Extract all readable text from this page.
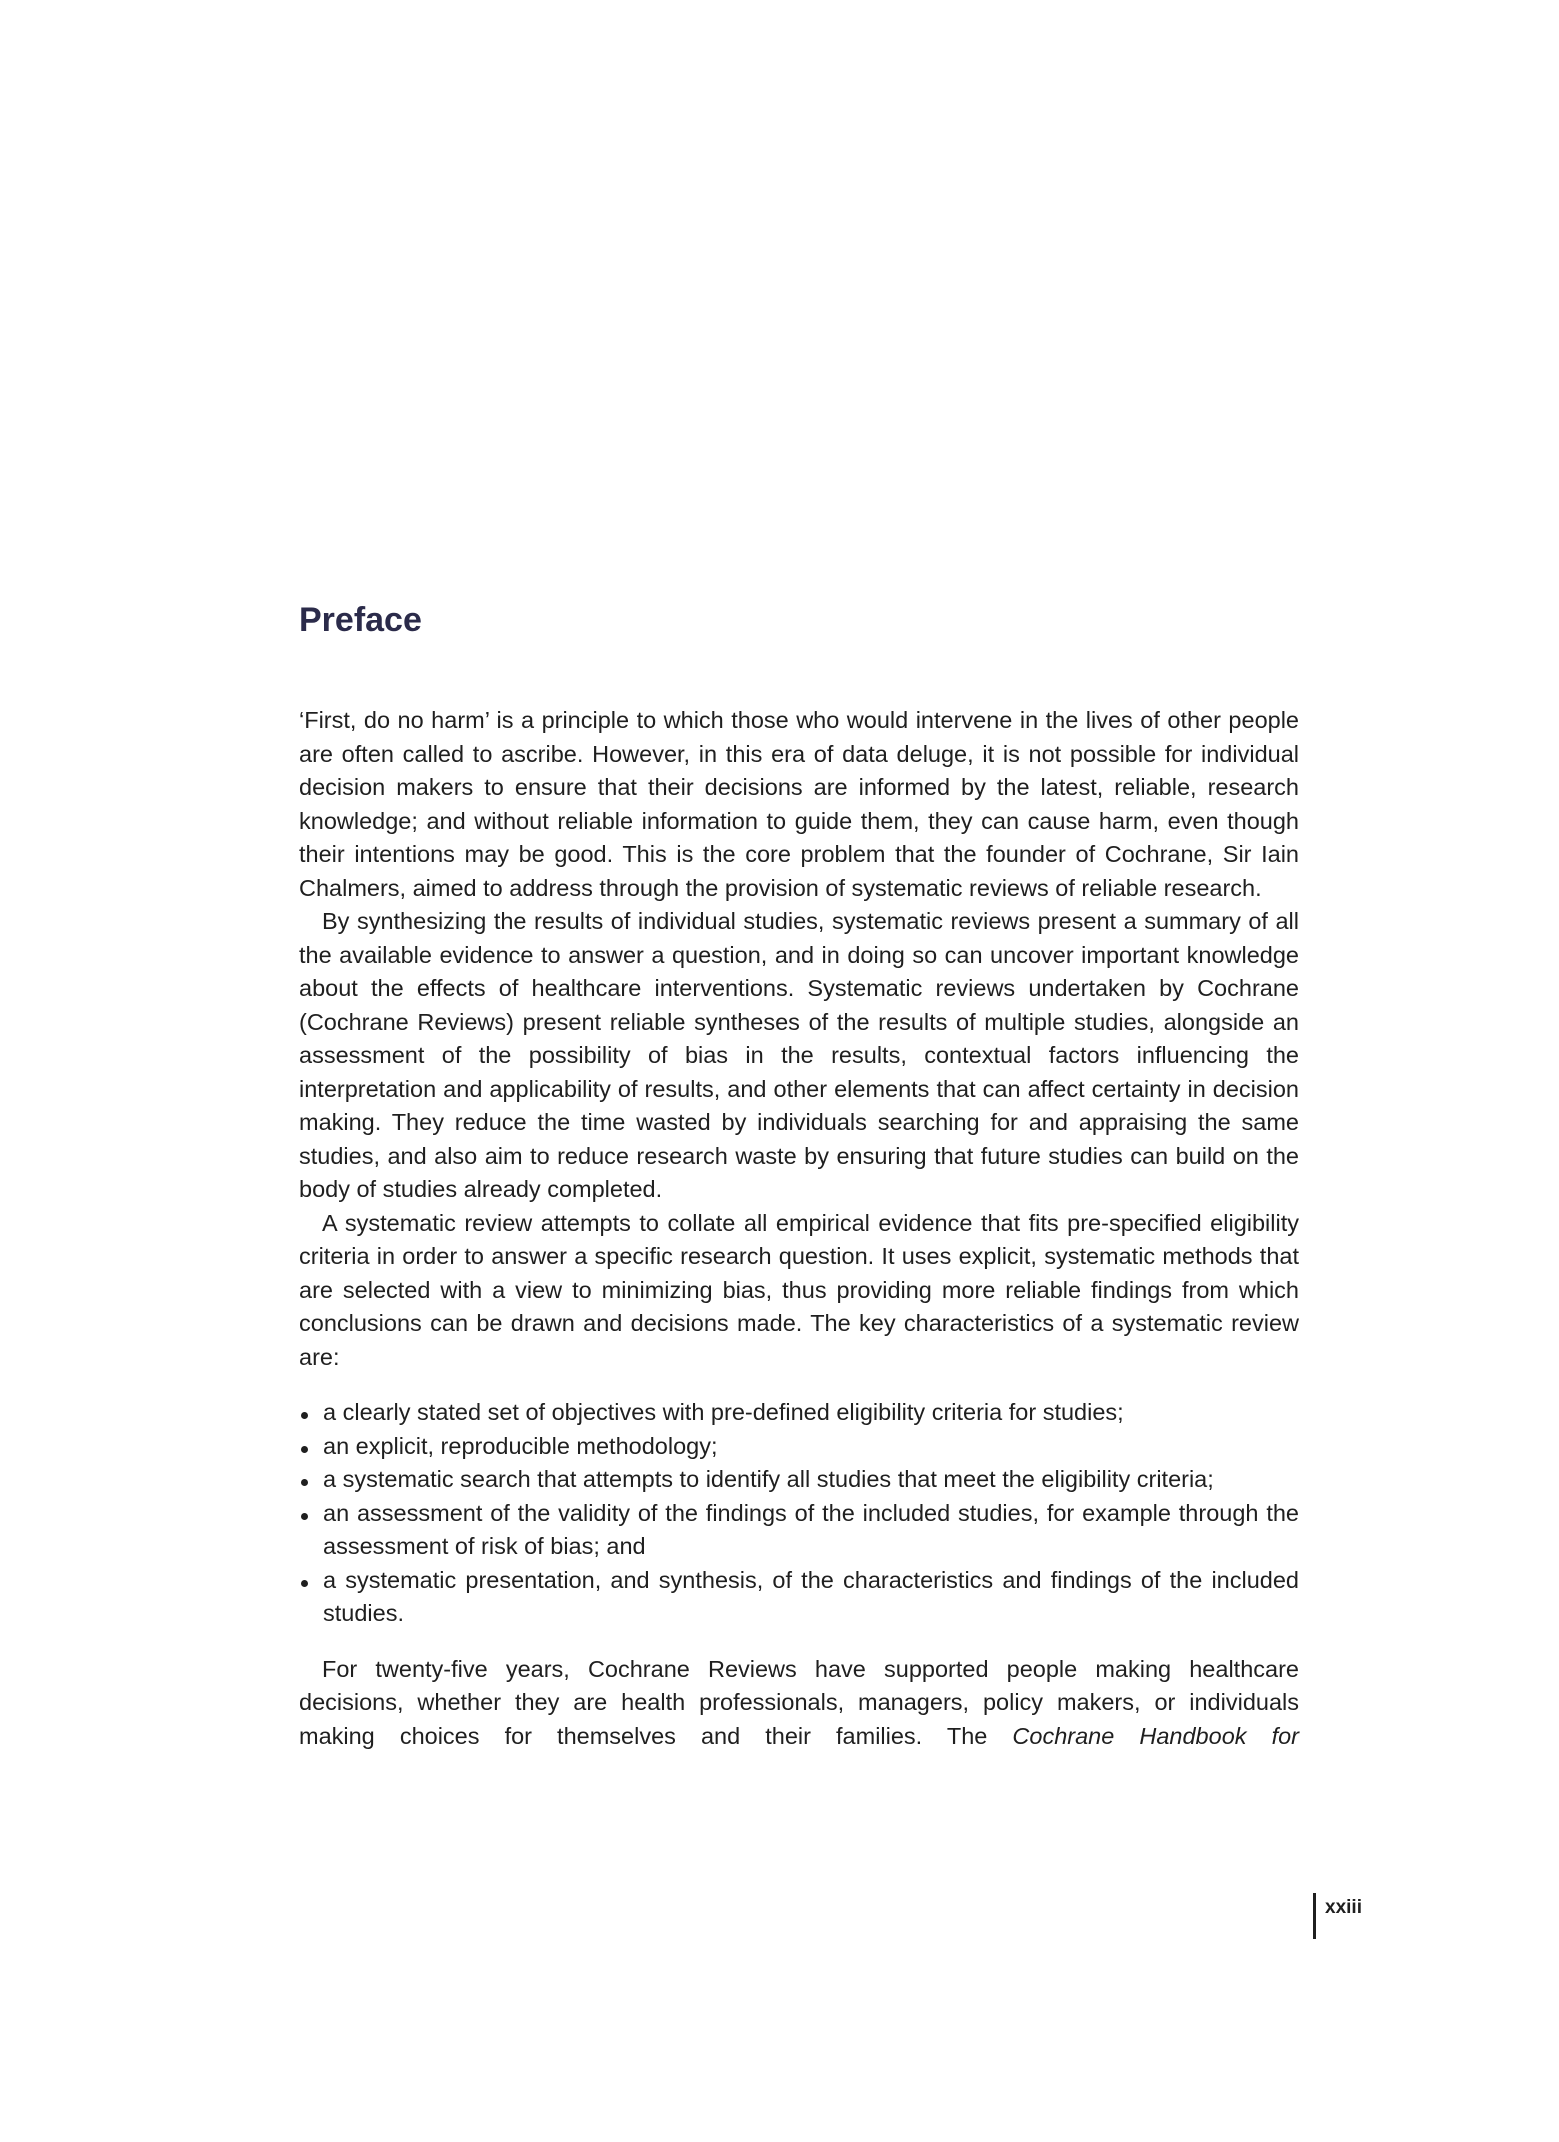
Preface

‘First, do no harm’ is a principle to which those who would intervene in the lives of other people are often called to ascribe. However, in this era of data deluge, it is not possible for individual decision makers to ensure that their decisions are informed by the latest, reliable, research knowledge; and without reliable information to guide them, they can cause harm, even though their intentions may be good. This is the core problem that the founder of Cochrane, Sir Iain Chalmers, aimed to address through the provision of systematic reviews of reliable research.

By synthesizing the results of individual studies, systematic reviews present a summary of all the available evidence to answer a question, and in doing so can uncover important knowledge about the effects of healthcare interventions. Systematic reviews undertaken by Cochrane (Cochrane Reviews) present reliable syntheses of the results of multiple studies, alongside an assessment of the possibility of bias in the results, contextual factors influencing the interpretation and applicability of results, and other elements that can affect certainty in decision making. They reduce the time wasted by individuals searching for and appraising the same studies, and also aim to reduce research waste by ensuring that future studies can build on the body of studies already completed.

A systematic review attempts to collate all empirical evidence that fits pre-specified eligibility criteria in order to answer a specific research question. It uses explicit, systematic methods that are selected with a view to minimizing bias, thus providing more reliable findings from which conclusions can be drawn and decisions made. The key characteristics of a systematic review are:

a clearly stated set of objectives with pre-defined eligibility criteria for studies;
an explicit, reproducible methodology;
a systematic search that attempts to identify all studies that meet the eligibility criteria;
an assessment of the validity of the findings of the included studies, for example through the assessment of risk of bias; and
a systematic presentation, and synthesis, of the characteristics and findings of the included studies.

For twenty-five years, Cochrane Reviews have supported people making healthcare decisions, whether they are health professionals, managers, policy makers, or individuals making choices for themselves and their families. The Cochrane Handbook for

xxiii
